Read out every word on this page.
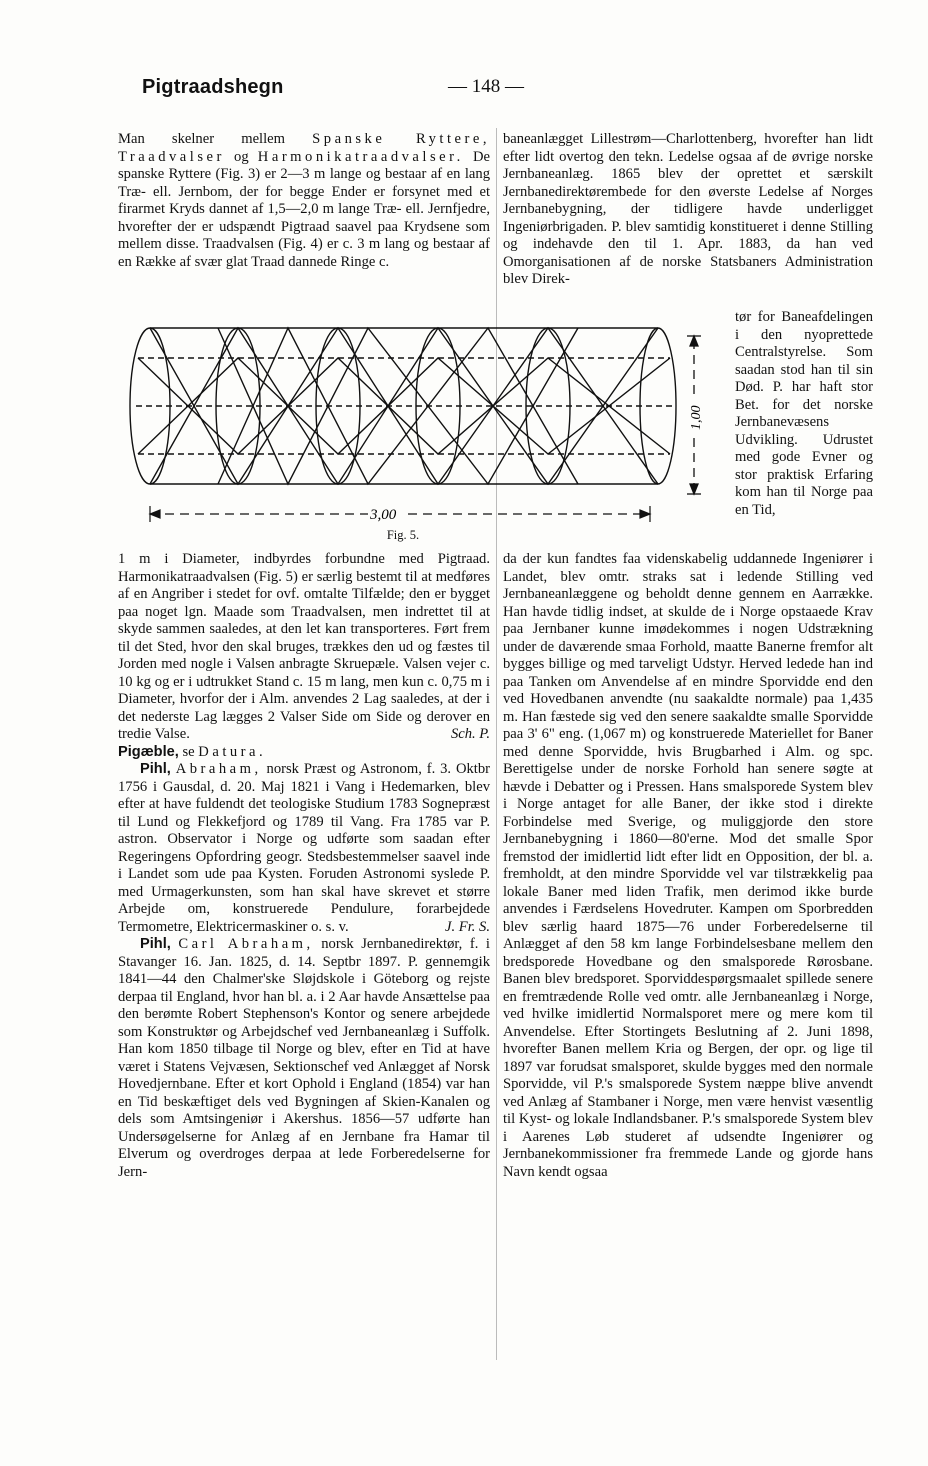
Pigtraadshegn	— 148 —

Man skelner mellem Spanske Ryttere, Traadvalser og Harmonikatraadvalser. De spanske Ryttere (Fig. 3) er 2—3 m lange og bestaar af en lang Træ- ell. Jernbom, der for begge Ender er forsynet med et firarmet Kryds dannet af 1,5—2,0 m lange Træ- ell. Jernfjedre, hvorefter der er udspændt Pigtraad saavel paa Krydsene som mellem disse. Traadvalsen (Fig. 4) er c. 3 m lang og bestaar af en Række af svær glat Traad dannede Ringe c.

3,00
Fig. 5.
1,00

1 m i Diameter, indbyrdes forbundne med Pigtraad. Harmonikatraadvalsen (Fig. 5) er særlig bestemt til at medføres af en Angriber i stedet for ovf. omtalte Tilfælde; den er bygget paa noget lgn. Maade som Traadvalsen, men indrettet til at skyde sammen saaledes, at den let kan transporteres. Ført frem til det Sted, hvor den skal bruges, trækkes den ud og fæstes til Jorden med nogle i Valsen anbragte Skruepæle. Valsen vejer c. 10 kg og er i udtrukket Stand c. 15 m lang, men kun c. 0,75 m i Diameter, hvorfor der i Alm. anvendes 2 Lag saaledes, at der i det nederste Lag lægges 2 Valser Side om Side og derover en tredie Valse.	Sch. P.

Pigæble, se Datura.

Pihl, Abraham, norsk Præst og Astronom, f. 3. Oktbr 1756 i Gausdal, d. 20. Maj 1821 i Vang i Hedemarken, blev efter at have fuldendt det teologiske Studium 1783 Sognepræst til Lund og Flekkefjord og 1789 til Vang. Fra 1785 var P. astron. Observator i Norge og udførte som saadan efter Regeringens Opfordring geogr. Stedsbestemmelser saavel inde i Landet som ude paa Kysten. Foruden Astronomi syslede P. med Urmagerkunsten, som han skal have skrevet et større Arbejde om, konstruerede Pendulure, forarbejdede Termometre, Elektricermaskiner o. s. v.	J. Fr. S.

Pihl, Carl Abraham, norsk Jernbanedirektør, f. i Stavanger 16. Jan. 1825, d. 14. Septbr 1897. P. gennemgik 1841—44 den Chalmer'ske Sløjdskole i Göteborg og rejste derpaa til England, hvor han bl. a. i 2 Aar havde Ansættelse paa den berømte Robert Stephenson's Kontor og senere arbejdede som Konstruktør og Arbejdschef ved Jernbaneanlæg i Suffolk. Han kom 1850 tilbage til Norge og blev, efter en Tid at have været i Statens Vejvæsen, Sektionschef ved Anlægget af Norsk Hovedjernbane. Efter et kort Ophold i England (1854) var han en Tid beskæftiget dels ved Bygningen af Skien-Kanalen og dels som Amtsingeniør i Akershus. 1856—57 udførte han Undersøgelserne for Anlæg af en Jernbane fra Hamar til Elverum og overdroges derpaa at lede Forberedelserne for Jern-

baneanlægget Lillestrøm—Charlottenberg, hvorefter han lidt efter lidt overtog den tekn. Ledelse ogsaa af de øvrige norske Jernbaneanlæg. 1865 blev der oprettet et særskilt Jernbanedirektørembede for den øverste Ledelse af Norges Jernbanebygning, der tidligere havde underligget Ingeniørbrigaden. P. blev samtidig konstitueret i denne Stilling og indehavde den til 1. Apr. 1883, da han ved Omorganisationen af de norske Statsbaners Administration blev Direk-

tør for Baneafdelingen i den nyoprettede Centralstyrelse. Som saadan stod han til sin Død. P. har haft stor Bet. for det norske Jernbanevæsens Udvikling. Udrustet med gode Evner og stor praktisk Erfaring kom han til Norge paa en Tid,

da der kun fandtes faa videnskabelig uddannede Ingeniører i Landet, blev omtr. straks sat i ledende Stilling ved Jernbaneanlæggene og beholdt denne gennem en Aarrække. Han havde tidlig indset, at skulde de i Norge opstaaede Krav paa Jernbaner kunne imødekommes i nogen Udstrækning under de daværende smaa Forhold, maatte Banerne fremfor alt bygges billige og med tarveligt Udstyr. Herved ledede han ind paa Tanken om Anvendelse af en mindre Sporvidde end den ved Hovedbanen anvendte (nu saakaldte normale) paa 1,435 m. Han fæstede sig ved den senere saakaldte smalle Sporvidde paa 3' 6" eng. (1,067 m) og konstruerede Materiellet for Baner med denne Sporvidde, hvis Brugbarhed i Alm. og spc. Berettigelse under de norske Forhold han senere søgte at hævde i Debatter og i Pressen. Hans smalsporede System blev i Norge antaget for alle Baner, der ikke stod i direkte Forbindelse med Sverige, og muliggjorde den store Jernbanebygning i 1860—80'erne. Mod det smalle Spor fremstod der imidlertid lidt efter lidt en Opposition, der bl. a. fremholdt, at den mindre Sporvidde vel var tilstrækkelig paa lokale Baner med liden Trafik, men derimod ikke burde anvendes i Færdselens Hovedruter. Kampen om Sporbredden blev særlig haard 1875—76 under Forberedelserne til Anlægget af den 58 km lange Forbindelsesbane mellem den bredsporede Hovedbane og den smalsporede Rørosbane. Banen blev bredsporet. Sporviddespørgsmaalet spillede senere en fremtrædende Rolle ved omtr. alle Jernbaneanlæg i Norge, ved hvilke imidlertid Normalsporet mere og mere kom til Anvendelse. Efter Stortingets Beslutning af 2. Juni 1898, hvorefter Banen mellem Kria og Bergen, der opr. og lige til 1897 var forudsat smalsporet, skulde bygges med den normale Sporvidde, vil P.'s smalsporede System næppe blive anvendt ved Anlæg af Stambaner i Norge, men være henvist væsentlig til Kyst- og lokale Indlandsbaner. P.'s smalsporede System blev i Aarenes Løb studeret af udsendte Ingeniører og Jernbanekommissioner fra fremmede Lande og gjorde hans Navn kendt ogsaa
